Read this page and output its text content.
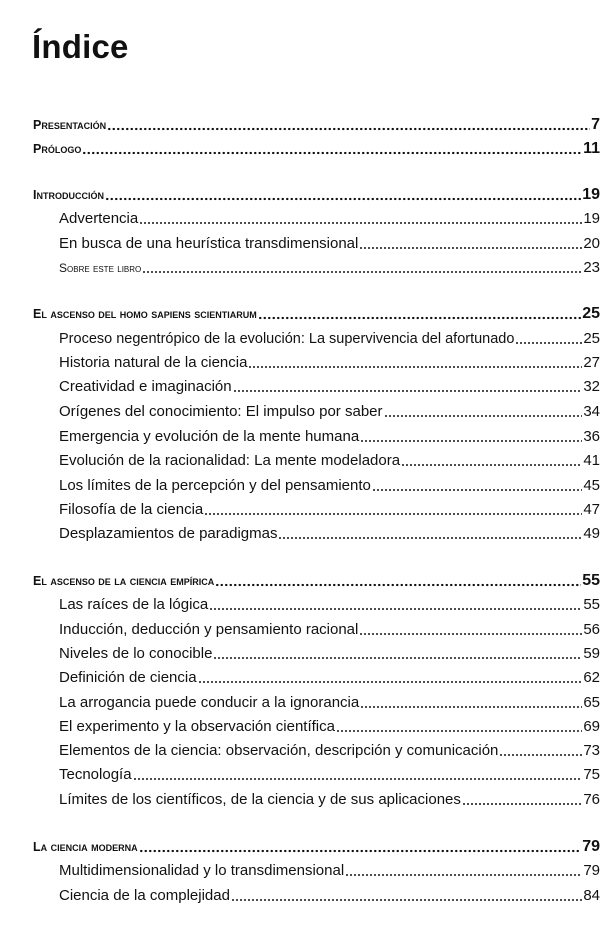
Índice
Presentación	7
Prólogo	11
Introducción	19
Advertencia	19
En busca de una heurística transdimensional	20
Sobre este libro	23
El ascenso del homo sapiens scientiarum	25
Proceso negentrópico de la evolución: La supervivencia del afortunado	25
Historia natural de la ciencia	27
Creatividad e imaginación	32
Orígenes del conocimiento: El impulso por saber	34
Emergencia y evolución de la mente humana	36
Evolución de la racionalidad: La mente modeladora	41
Los límites de la percepción y del pensamiento	45
Filosofía de la ciencia	47
Desplazamientos de paradigmas	49
El ascenso de la ciencia empírica	55
Las raíces de la lógica	55
Inducción, deducción y pensamiento racional	56
Niveles de lo conocible	59
Definición de ciencia	62
La arrogancia puede conducir a la ignorancia	65
El experimento y la observación científica	69
Elementos de la ciencia: observación, descripción y comunicación	73
Tecnología	75
Límites de los científicos, de la ciencia y de sus aplicaciones	76
La ciencia moderna	79
Multidimensionalidad y lo transdimensional	79
Ciencia de la complejidad	84
